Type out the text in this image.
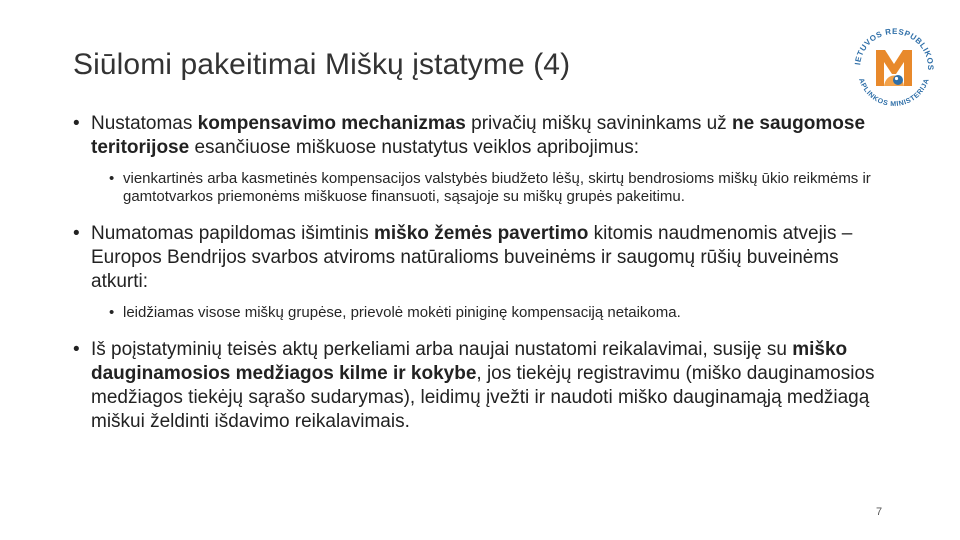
Siūlomi pakeitimai Miškų įstatyme (4)	IETUVOS RESPUBLIKOS
APLINKOS MINISTERIJA
• Nustatomas kompensavimo mechanizmas privačių miškų savininkams už ne saugomose teritorijose esančiuose miškuose nustatytus veiklos apribojimus:
• vienkartinės arba kasmetinės kompensacijos valstybės biudžeto lėšų, skirtų bendrosioms miškų ūkio reikmėms ir gamtotvarkos priemonėms miškuose finansuoti, sąsajoje su miškų grupės pakeitimu.
• Numatomas papildomas išimtinis miško žemės pavertimo kitomis naudmenomis atvejis – Europos Bendrijos svarbos atviroms natūralioms buveinėms ir saugomų rūšių buveinėms atkurti:
• leidžiamas visose miškų grupėse, prievolė mokėti piniginę kompensaciją netaikoma.
• Iš poįstatyminių teisės aktų perkeliami arba naujai nustatomi reikalavimai, susiję su miško dauginamosios medžiagos kilme ir kokybe, jos tiekėjų registravimu (miško dauginamosios medžiagos tiekėjų sąrašo sudarymas), leidimų įvežti ir naudoti miško dauginamąją medžiagą miškui želdinti išdavimo reikalavimais.
7
